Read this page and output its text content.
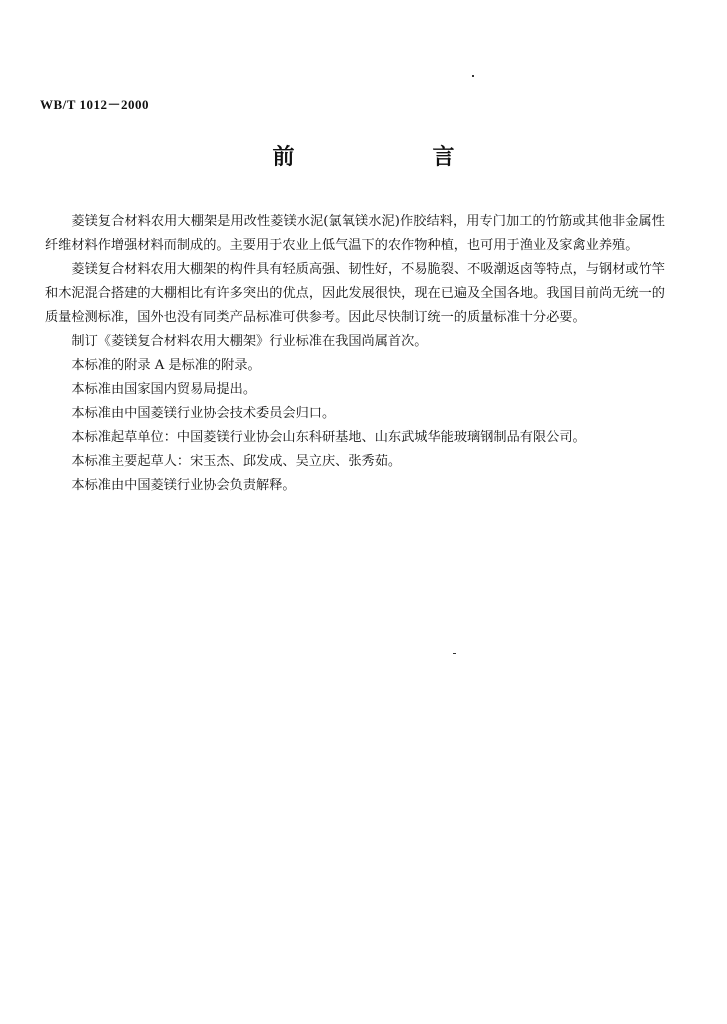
WB/T 1012－2000
前　言

菱镁复合材料农用大棚架是用改性菱镁水泥(氯氧镁水泥)作胶结料，用专门加工的竹筋或其他非金属性纤维材料作增强材料而制成的。主要用于农业上低气温下的农作物种植，也可用于渔业及家禽业养殖。

菱镁复合材料农用大棚架的构件具有轻质高强、韧性好，不易脆裂、不吸潮返卤等特点，与钢材或竹竿和木泥混合搭建的大棚相比有许多突出的优点，因此发展很快，现在已遍及全国各地。我国目前尚无统一的质量检测标准，国外也没有同类产品标准可供参考。因此尽快制订统一的质量标准十分必要。

制订《菱镁复合材料农用大棚架》行业标准在我国尚属首次。

本标准的附录 A 是标准的附录。

本标准由国家国内贸易局提出。

本标准由中国菱镁行业协会技术委员会归口。

本标准起草单位：中国菱镁行业协会山东科研基地、山东武城华能玻璃钢制品有限公司。

本标准主要起草人：宋玉杰、邱发成、吴立庆、张秀茹。

本标准由中国菱镁行业协会负责解释。
